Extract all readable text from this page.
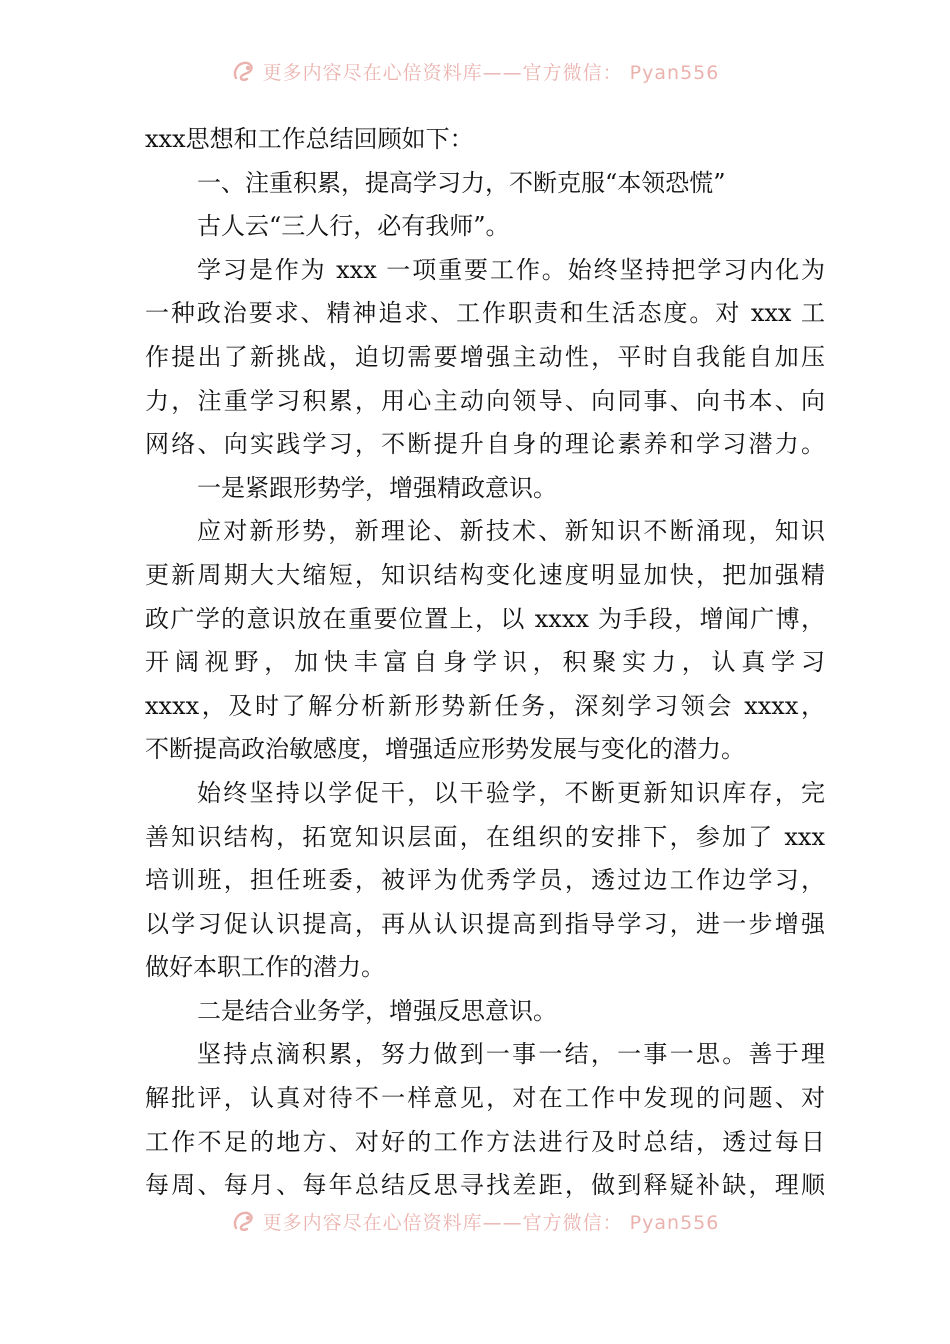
更多内容尽在心倍资料库——官方微信： Pyan556
xxx思想和工作总结回顾如下：
一、注重积累，提高学习力，不断克服“本领恐慌”
古人云“三人行，必有我师”。
学习是作为 xxx 一项重要工作。始终坚持把学习内化为
一种政治要求、精神追求、工作职责和生活态度。对 xxx 工
作提出了新挑战，迫切需要增强主动性，平时自我能自加压
力，注重学习积累，用心主动向领导、向同事、向书本、向
网络、向实践学习，不断提升自身的理论素养和学习潜力。
一是紧跟形势学，增强精政意识。
应对新形势，新理论、新技术、新知识不断涌现，知识
更新周期大大缩短，知识结构变化速度明显加快，把加强精
政广学的意识放在重要位置上，以 xxxx 为手段，增闻广博，
开阔视野，加快丰富自身学识，积聚实力，认真学习
xxxx，及时了解分析新形势新任务，深刻学习领会 xxxx，
不断提高政治敏感度，增强适应形势发展与变化的潜力。
始终坚持以学促干，以干验学，不断更新知识库存，完
善知识结构，拓宽知识层面，在组织的安排下，参加了 xxx
培训班，担任班委，被评为优秀学员，透过边工作边学习，
以学习促认识提高，再从认识提高到指导学习，进一步增强
做好本职工作的潜力。
二是结合业务学，增强反思意识。
坚持点滴积累，努力做到一事一结，一事一思。善于理
解批评，认真对待不一样意见，对在工作中发现的问题、对
工作不足的地方、对好的工作方法进行及时总结，透过每日
每周、每月、每年总结反思寻找差距，做到释疑补缺，理顺
更多内容尽在心倍资料库——官方微信： Pyan556
